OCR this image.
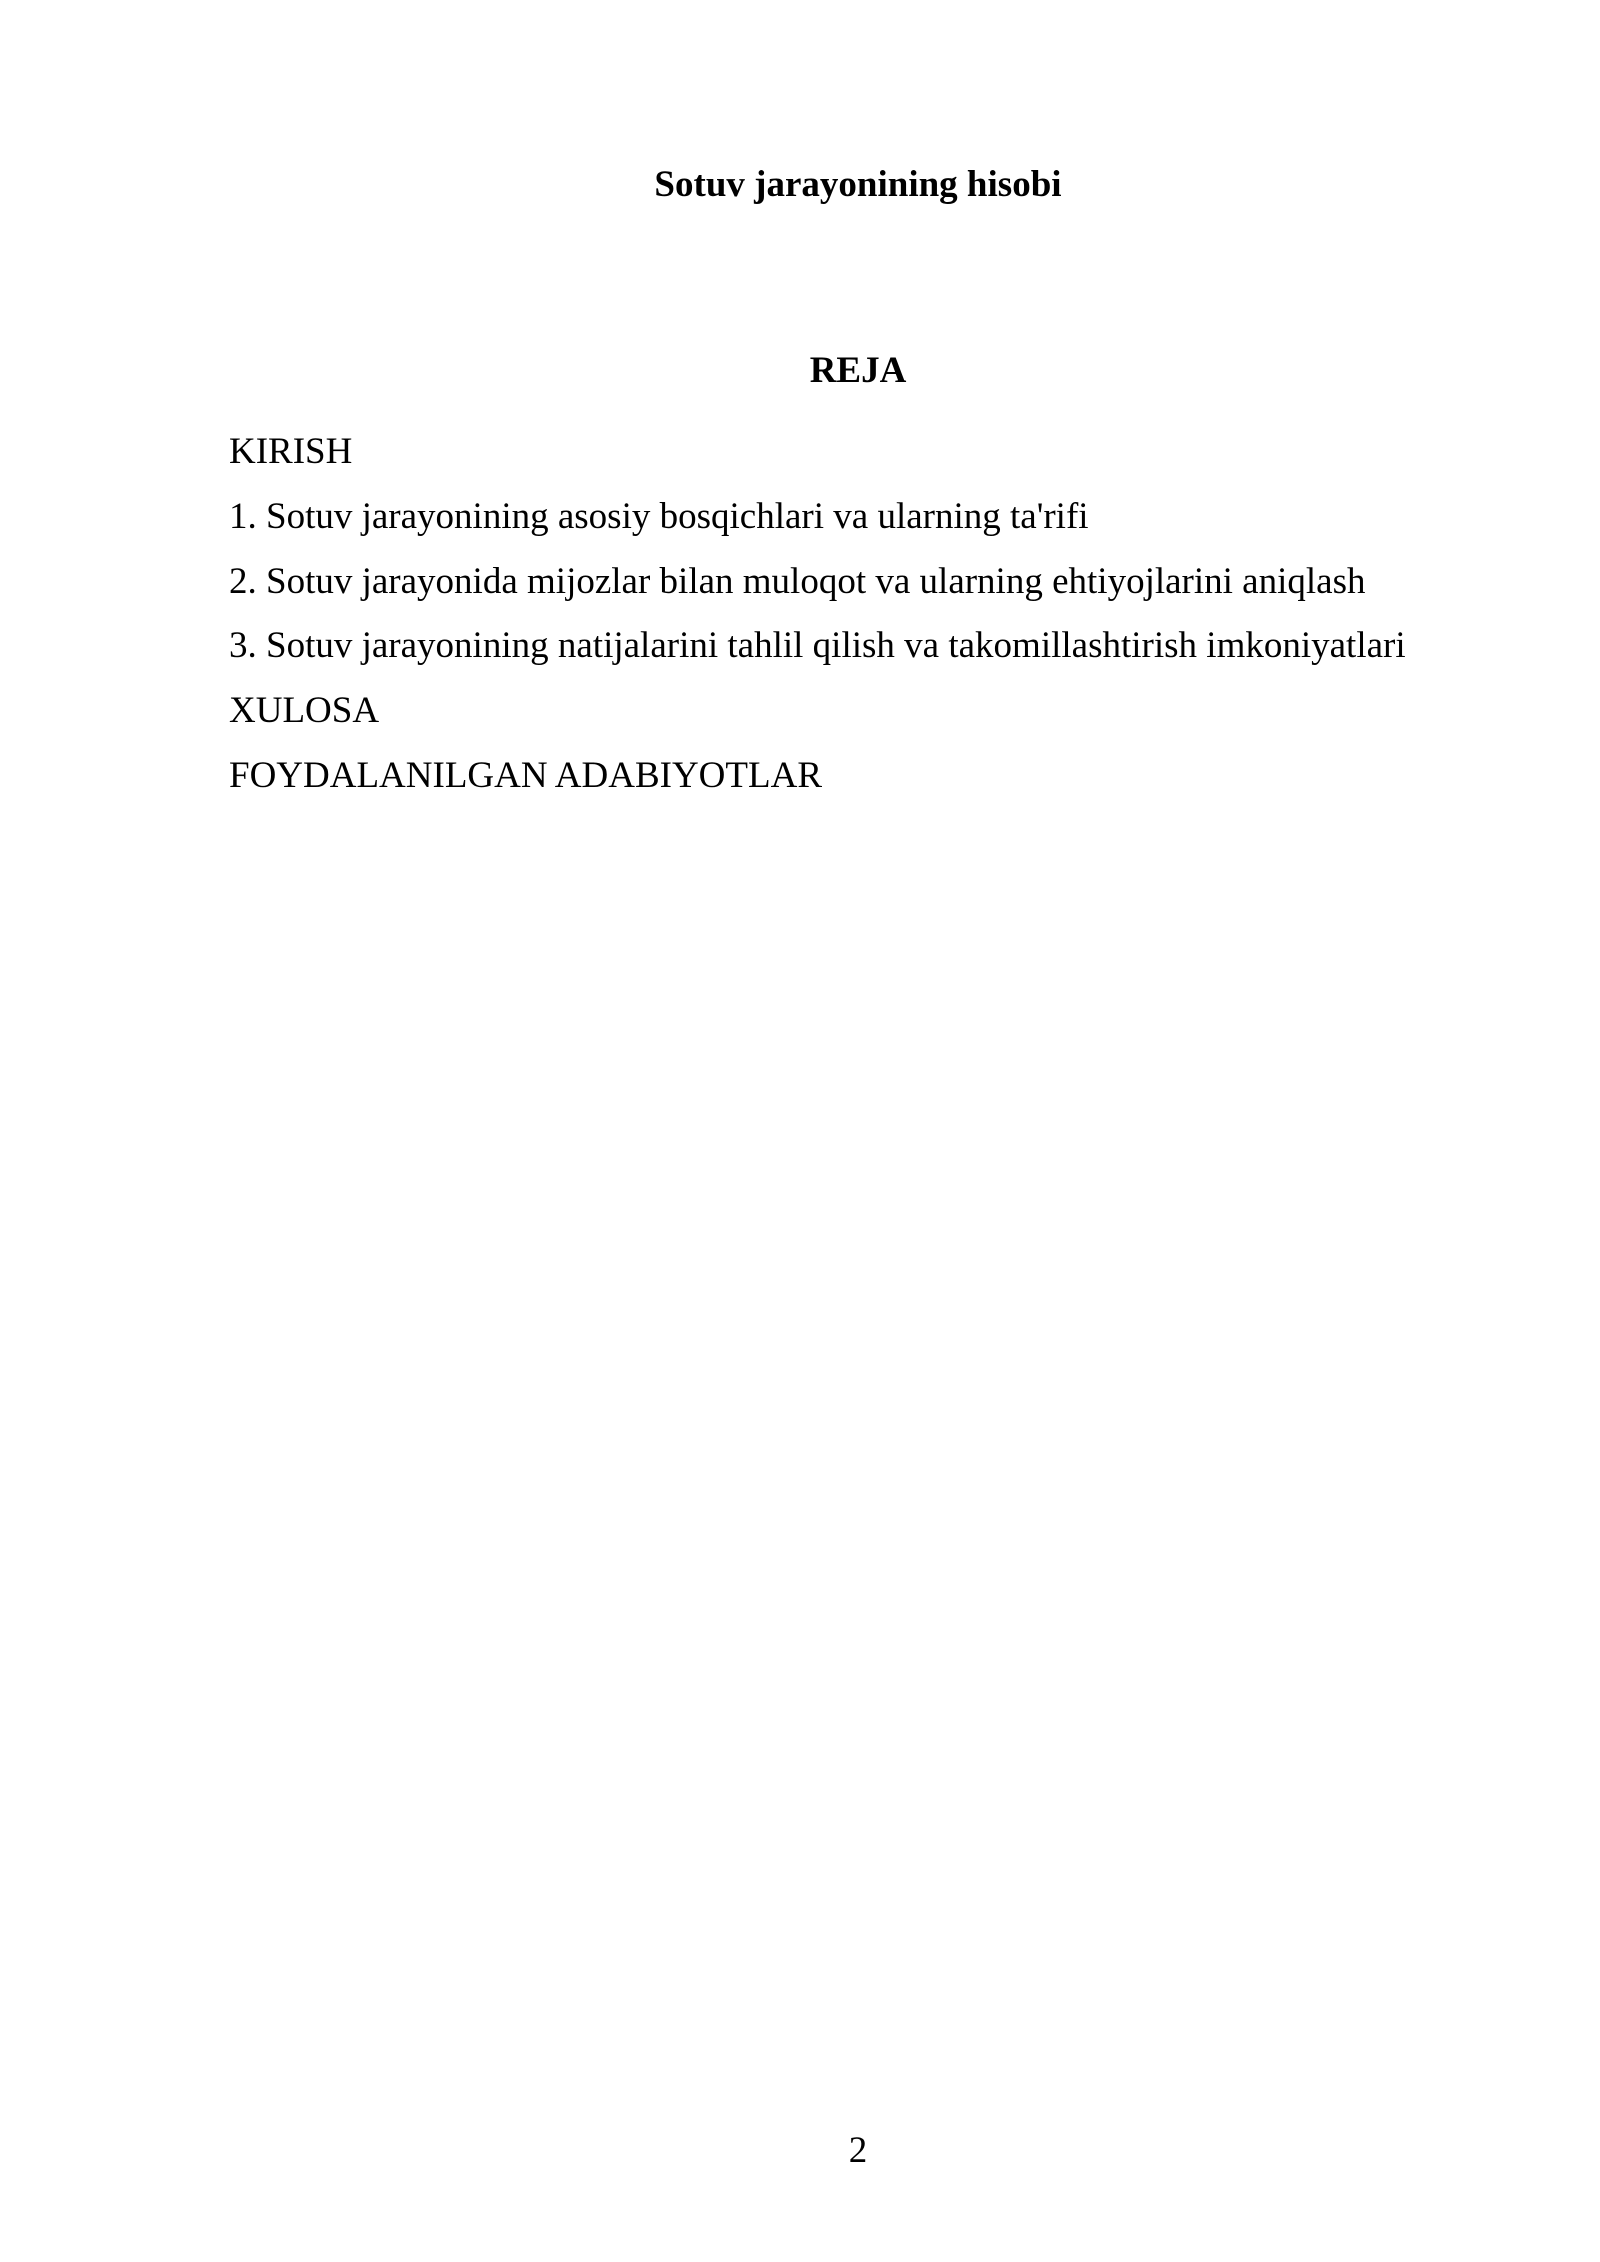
Sotuv jarayonining hisobi
REJA
KIRISH
1. Sotuv jarayonining asosiy bosqichlari va ularning ta'rifi
2. Sotuv jarayonida mijozlar bilan muloqot va ularning ehtiyojlarini aniqlash
3. Sotuv jarayonining natijalarini tahlil qilish va takomillashtirish imkoniyatlari
XULOSA
FOYDALANILGAN ADABIYOTLAR
2
